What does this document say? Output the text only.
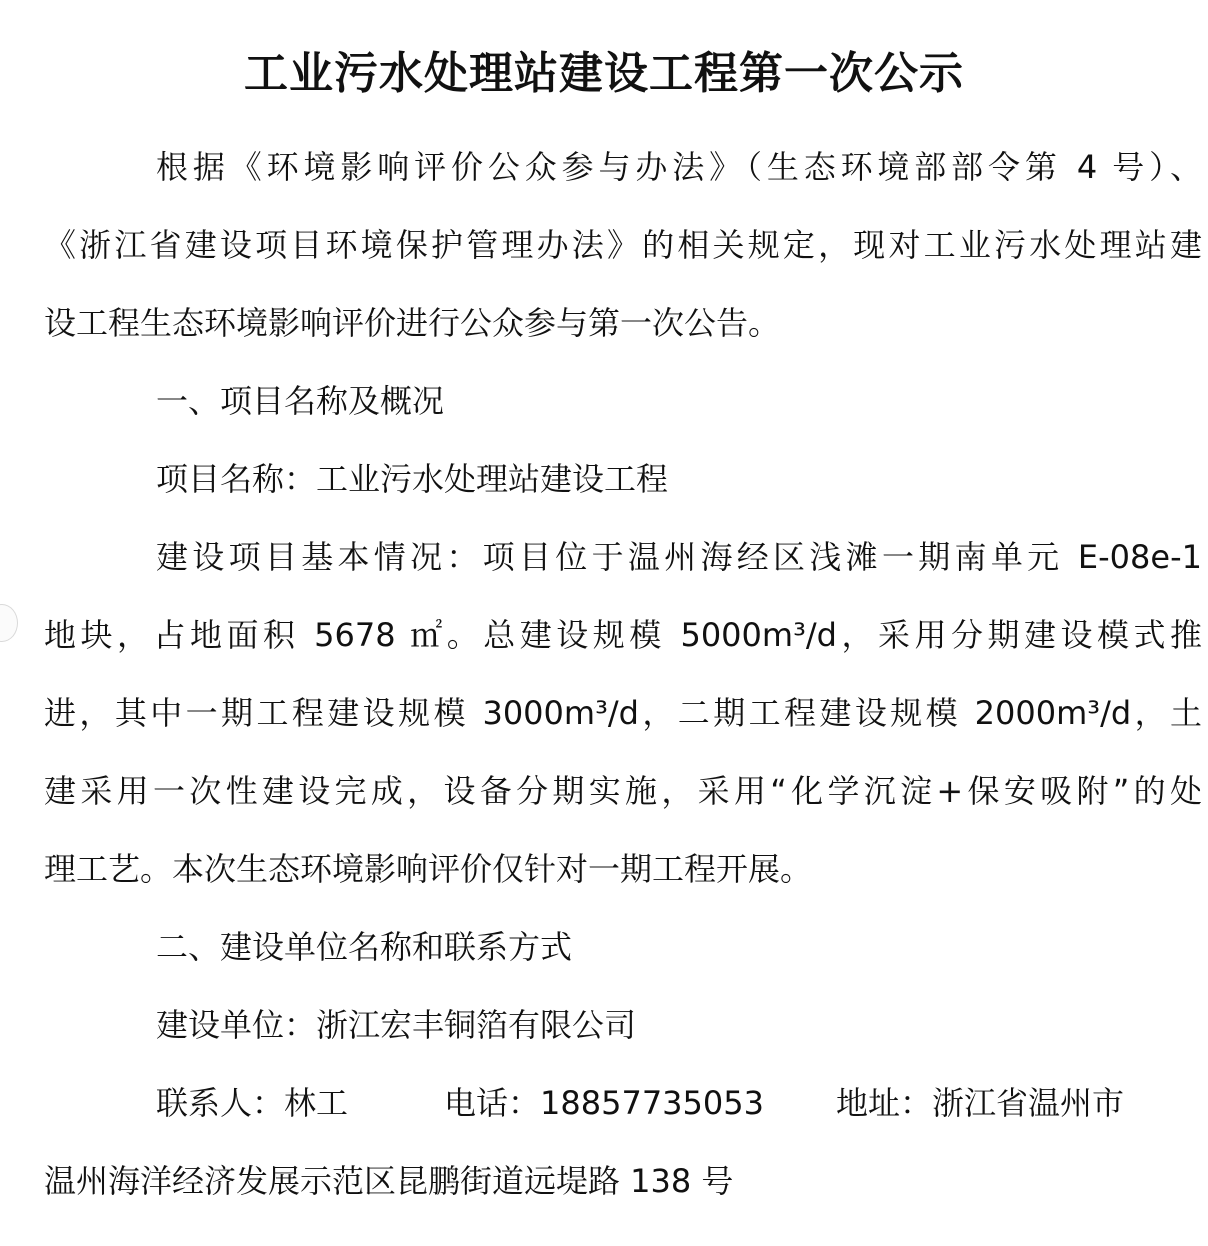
工业污水处理站建设工程第一次公示
根据《环境影响评价公众参与办法》（生态环境部部令第 4 号）、
《浙江省建设项目环境保护管理办法》的相关规定，现对工业污水处理站建
设工程生态环境影响评价进行公众参与第一次公告。
一、项目名称及概况
项目名称：工业污水处理站建设工程
建设项目基本情况：项目位于温州海经区浅滩一期南单元 E-08e-1
地块，占地面积 5678 ㎡。总建设规模 5000m³/d，采用分期建设模式推
进，其中一期工程建设规模 3000m³/d，二期工程建设规模 2000m³/d，土
建采用一次性建设完成，设备分期实施，采用“化学沉淀+保安吸附”的处
理工艺。本次生态环境影响评价仅针对一期工程开展。
二、建设单位名称和联系方式
建设单位：浙江宏丰铜箔有限公司
联系人：林工	电话：18857735053 地址：浙江省温州市
温州海洋经济发展示范区昆鹏街道远堤路 138 号
